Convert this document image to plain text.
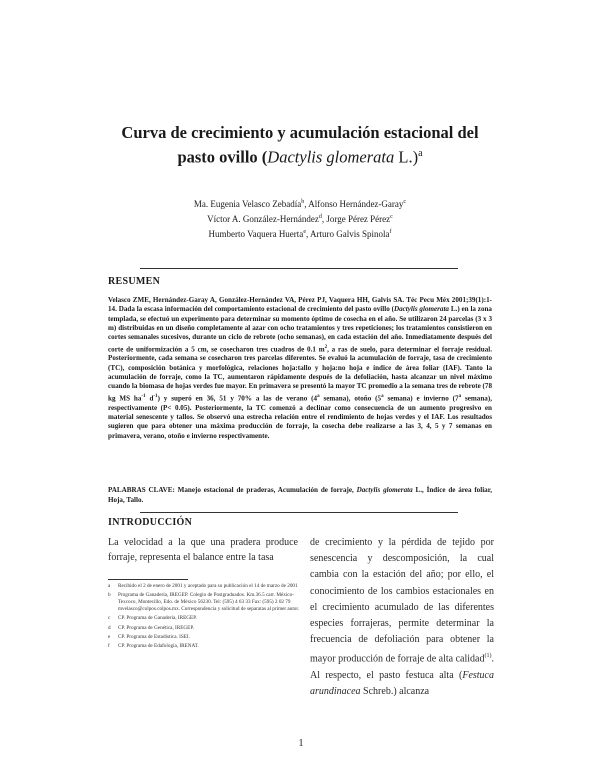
Curva de crecimiento y acumulación estacional del
pasto ovillo (Dactylis glomerata L.)$^a$
Ma. Eugenia Velasco Zebadía$^b$, Alfonso Hernández-Garay$^c$
Víctor A. González-Hernández$^d$, Jorge Pérez Pérez$^c$
Humberto Vaquera Huerta$^e$, Arturo Galvis Spinola$^f$
RESUMEN
Velasco ZME, Hernández-Garay A, González-Hernández VA, Pérez PJ, Vaquera HH, Galvis SA. Téc Pecu Méx 2001;39(1):1-14. Dada la escasa información del comportamiento estacional de crecimiento del pasto ovillo (Dactylis glomerata L.) en la zona templada, se efectuó un experimento para determinar su momento óptimo de cosecha en el año. Se utilizaron 24 parcelas (3 x 3 m) distribuidas en un diseño completamente al azar con ocho tratamientos y tres repeticiones; los tratamientos consistieron en cortes semanales sucesivos, durante un ciclo de rebrote (ocho semanas), en cada estación del año. Inmediatamente después del corte de uniformización a 5 cm, se cosecharon tres cuadros de 0.1 $m^2$, a ras de suelo, para determinar el forraje residual. Posteriormente, cada semana se cosecharon tres parcelas diferentes. Se evaluó la acumulación de forraje, tasa de crecimiento (TC), composición botánica y morfológica, relaciones hoja:tallo y hoja:no hoja e índice de área foliar (IAF). Tanto la acumulación de forraje, como la TC, aumentaron rápidamente después de la defoliación, hasta alcanzar un nivel máximo cuando la biomasa de hojas verdes fue mayor. En primavera se presentó la mayor TC promedio a la semana tres de rebrote (78 kg MS $ha^{-1}$ $d^{-1}$) y superó en 36, 51 y 70% a las de verano (4$^a$ semana), otoño (5$^a$ semana) e invierno (7$^a$ semana), respectivamente (P< 0.05). Posteriormente, la TC comenzó a declinar como consecuencia de un aumento progresivo en material senescente y tallos. Se observó una estrecha relación entre el rendimiento de hojas verdes y el IAF. Los resultados sugieren que para obtener una máxima producción de forraje, la cosecha debe realizarse a las 3, 4, 5 y 7 semanas en primavera, verano, otoño e invierno respectivamente.
PALABRAS CLAVE: Manejo estacional de praderas, Acumulación de forraje, Dactylis glomerata L., Índice de área foliar, Hoja, Tallo.
INTRODUCCIÓN
La velocidad a la que una pradera produce forraje, representa el balance entre la tasa
a	Recibido el 2 de enero de 2001 y aceptado para su publicación el 14 de marzo de 2001
b	Programa de Ganadería, IREGEP. Colegio de Postgraduados. Km.36.5 carr. México-Texcoco, Montecillo, Edo. de México 56230. Tel: (595) 4 63 33 Fax: (595) 2 02 79 mvelasco@colpos.colpos.mx. Correspondencia y solicitud de separatas al primer autor.
c	CP. Programa de Ganadería, IREGEP.
d	CP. Programa de Genética, IREGEP.
e	CP. Programa de Estadística. ISEI.
f	CP. Programa de Edafología, IRENAT.
de crecimiento y la pérdida de tejido por senescencia y descomposición, la cual cambia con la estación del año; por ello, el conocimiento de los cambios estacionales en el crecimiento acumulado de las diferentes especies forrajeras, permite determinar la frecuencia de defoliación para obtener la mayor producción de forraje de alta calidad$^{(1)}$. Al respecto, el pasto festuca alta (Festuca arundinacea Schreb.) alcanza
1
